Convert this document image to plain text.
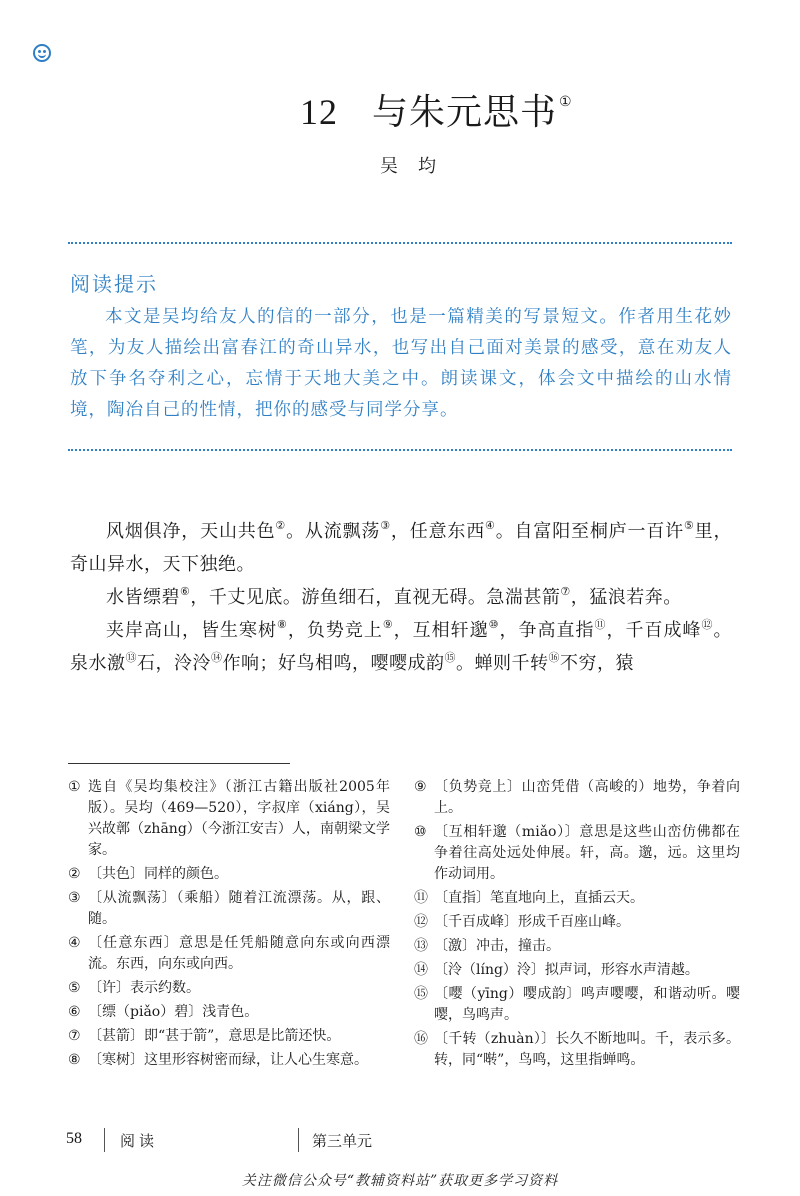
12 与朱元思书 ①
吴均
阅读提示

本文是吴均给友人的信的一部分，也是一篇精美的写景短文。作者用生花妙笔，为友人描绘出富春江的奇山异水，也写出自己面对美景的感受，意在劝友人放下争名夺利之心，忘情于天地大美之中。朗读课文，体会文中描绘的山水情境，陶冶自己的性情，把你的感受与同学分享。

风烟俱净，天山共色②。从流飘荡③，任意东西④。自富阳至桐庐一百许⑤里，奇山异水，天下独绝。

水皆缥碧⑥，千丈见底。游鱼细石，直视无碍。急湍甚箭⑦，猛浪若奔。

夹岸高山，皆生寒树⑧，负势竞上⑨，互相轩邈⑩，争高直指⑪，千百成峰⑫。泉水激⑬石，泠泠⑭作响；好鸟相鸣，嘤嘤成韵⑮。蝉则千转⑯不穷，猿

① 选自《吴均集校注》（浙江古籍出版社2005年版）。吴均（469—520），字叔庠（xiáng），吴兴故鄣（zhāng）（今浙江安吉）人，南朝梁文学家。
② 〔共色〕同样的颜色。
③ 〔从流飘荡〕（乘船）随着江流漂荡。从，跟、随。
④ 〔任意东西〕意思是任凭船随意向东或向西漂流。东西，向东或向西。
⑤ 〔许〕表示约数。
⑥ 〔缥（piǎo）碧〕浅青色。
⑦ 〔甚箭〕即“甚于箭”，意思是比箭还快。
⑧ 〔寒树〕这里形容树密而绿，让人心生寒意。
⑨ 〔负势竞上〕山峦凭借（高峻的）地势，争着向上。
⑩ 〔互相轩邈（miǎo）〕意思是这些山峦仿佛都在争着往高处远处伸展。轩，高。邈，远。这里均作动词用。
⑪ 〔直指〕笔直地向上，直插云天。
⑫ 〔千百成峰〕形成千百座山峰。
⑬ 〔激〕冲击，撞击。
⑭ 〔泠（líng）泠〕拟声词，形容水声清越。
⑮ 〔嘤（yīng）嘤成韵〕鸣声嘤嘤，和谐动听。嘤嘤，鸟鸣声。
⑯ 〔千转（zhuàn）〕长久不断地叫。千，表示多。转，同“啭”，鸟鸣，这里指蝉鸣。
58	阅读	第三单元
关注微信公众号“教辅资料站”获取更多学习资料
